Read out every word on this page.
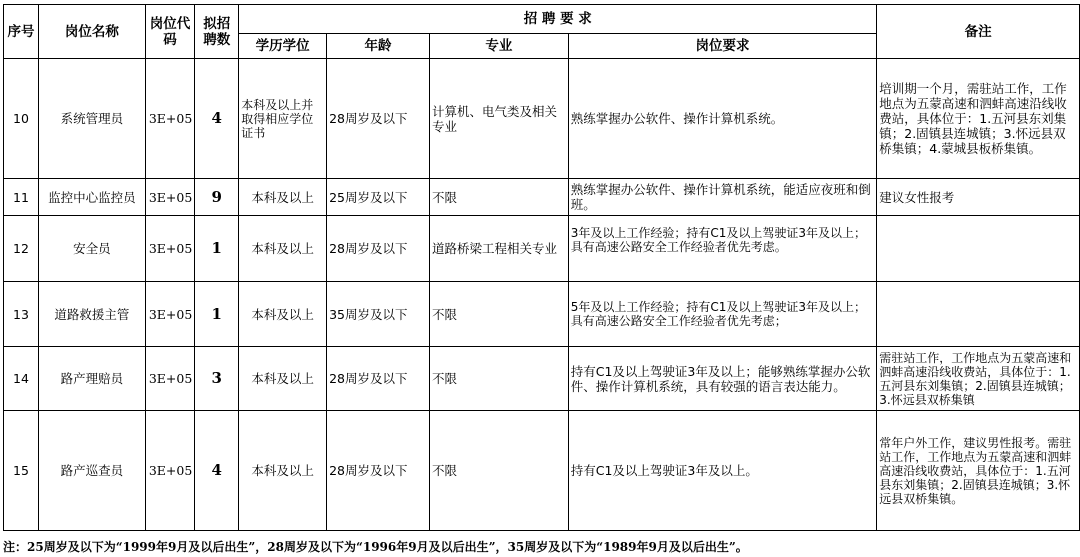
序号	岗位名称	岗位代码	拟招聘数	招 聘 要 求				备注
				学历学位	年龄	专业	岗位要求	
10	系统管理员	3E+05	4	本科及以上并取得相应学位证书	28周岁及以下	计算机、电气类及相关专业	熟练掌握办公软件、操作计算机系统。	培训期一个月，需驻站工作，工作地点为五蒙高速和泗蚌高速沿线收费站，具体位于：1.五河县东刘集镇；2.固镇县连城镇；3.怀远县双桥集镇；4.蒙城县板桥集镇。
11	监控中心监控员	3E+05	9	本科及以上	25周岁及以下	不限	熟练掌握办公软件、操作计算机系统，能适应夜班和倒班。	建议女性报考
12	安全员	3E+05	1	本科及以上	28周岁及以下	道路桥梁工程相关专业	3年及以上工作经验；持有C1及以上驾驶证3年及以上；具有高速公路安全工作经验者优先考虑。	
13	道路救援主管	3E+05	1	本科及以上	35周岁及以下	不限	5年及以上工作经验；持有C1及以上驾驶证3年及以上；具有高速公路安全工作经验者优先考虑；	
14	路产理赔员	3E+05	3	本科及以上	28周岁及以下	不限	持有C1及以上驾驶证3年及以上；能够熟练掌握办公软件、操作计算机系统，具有较强的语言表达能力。	需驻站工作，工作地点为五蒙高速和泗蚌高速沿线收费站，具体位于：1.五河县东刘集镇；2.固镇县连城镇；3.怀远县双桥集镇
15	路产巡查员	3E+05	4	本科及以上	28周岁及以下	不限	持有C1及以上驾驶证3年及以上。	常年户外工作，建议男性报考。需驻站工作，工作地点为五蒙高速和泗蚌高速沿线收费站，具体位于：1.五河县东刘集镇；2.固镇县连城镇；3.怀远县双桥集镇。
注：25周岁及以下为“1999年9月及以后出生”，28周岁及以下为“1996年9月及以后出生”，35周岁及以下为“1989年9月及以后出生”。
